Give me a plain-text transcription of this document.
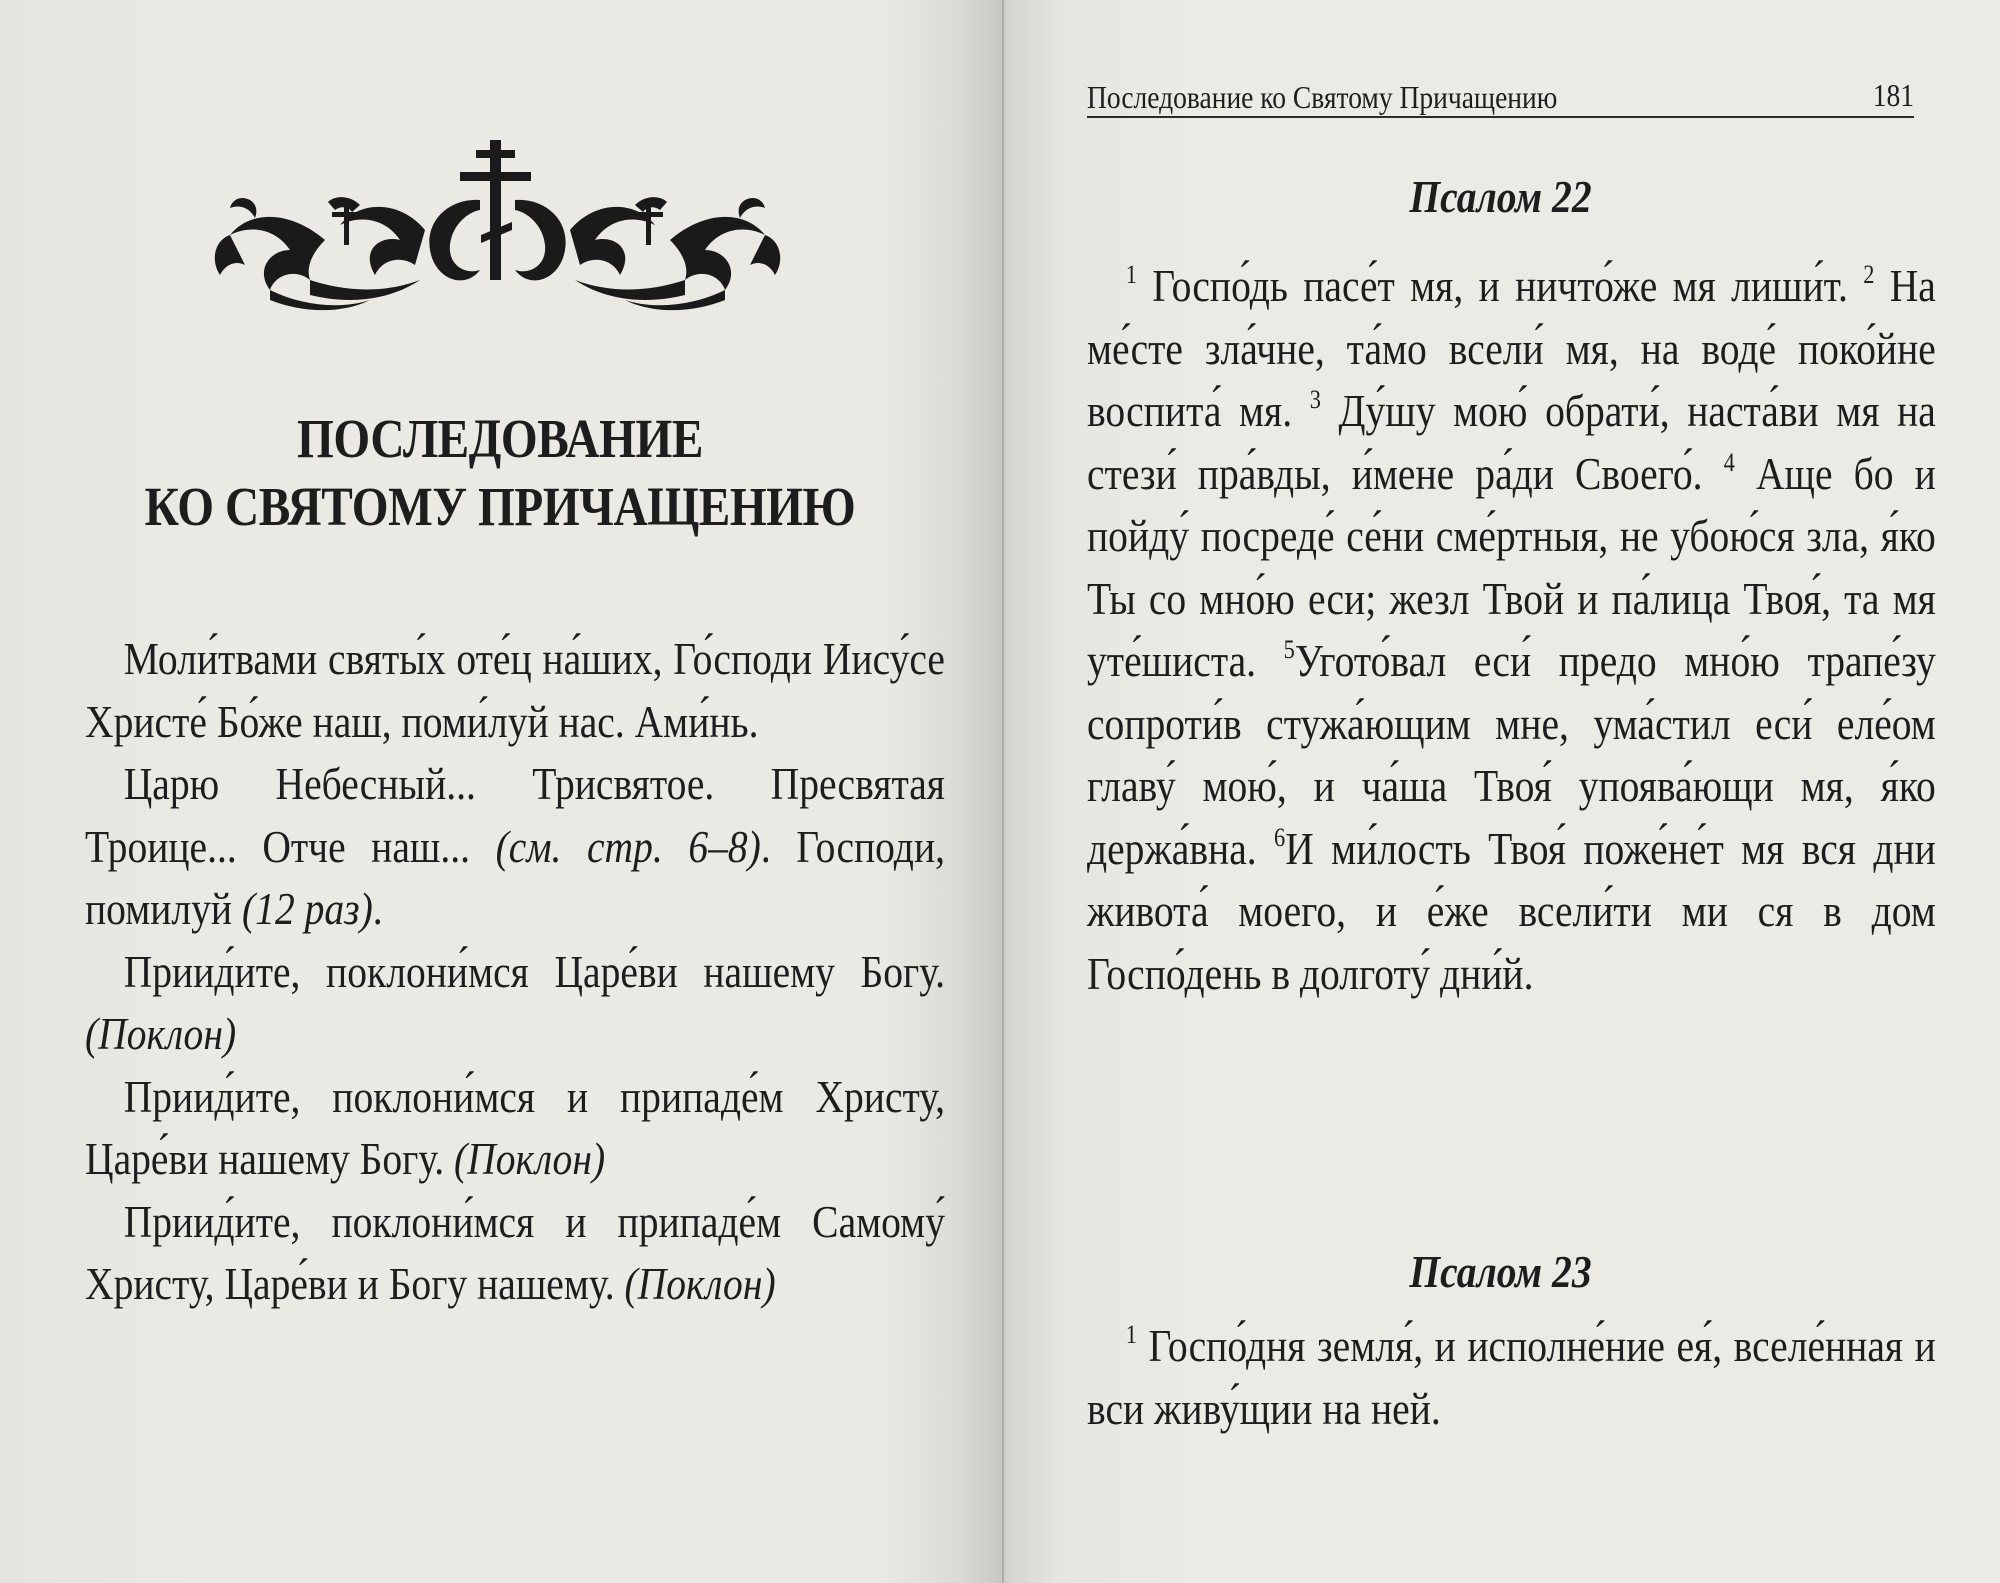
ПОСЛЕДОВАНИЕ
КО СВЯТОМУ ПРИЧАЩЕНИЮ

Моли́твами святы́х оте́ц на́ших, Го́споди Иису́се Христе́ Бо́же наш, поми́луй нас. Ами́нь.

Царю Небесный... Трисвятое. Пресвятая Троице... Отче наш... (см. стр. 6–8). Господи, помилуй (12 раз).

Приид́ите, поклони́мся Царе́ви нашему Богу. (Поклон)

Приид́ите, поклони́мся и припаде́м Христу, Царе́ви нашему Богу. (Поклон)

Приид́ите, поклони́мся и припаде́м Самому́ Христу, Царе́ви и Богу нашему. (Поклон)

Последование ко Святому Причащению	181
Псалом 22

$^1$ Госпо́дь пасе́т мя, и ничто́же мя лиши́т. $^2$ На ме́сте зла́чне, та́мо всели́ мя, на воде́ поко́йне воспита́ мя. $^3$ Ду́шу мою́ обрати́, наста́ви мя на стези́ пра́вды, и́мене ра́ди Своего́. $^4$ Аще бо и пойду́ посреде́ се́ни сме́ртныя, не убою́ся зла, я́ко Ты со мно́ю еси; жезл Твой и па́лица Твоя́, та мя уте́шиста. $^5$Угото́вал еси́ предо мно́ю трапе́зу сопроти́в стужа́ющим мне, ума́стил еси́ еле́ом главу́ мою́, и ча́ша Твоя́ упоява́ющи мя, я́ко держа́вна. $^6$И ми́лость Твоя́ поже́не́т мя вся дни живота́ моего, и е́же всели́ти ми ся в дом Госпо́день в долготу́ дни́й.

Псалом 23

$^1$ Госпо́дня земля́, и исполне́ние ея́, вселе́нная и вси живу́щии на ней.
